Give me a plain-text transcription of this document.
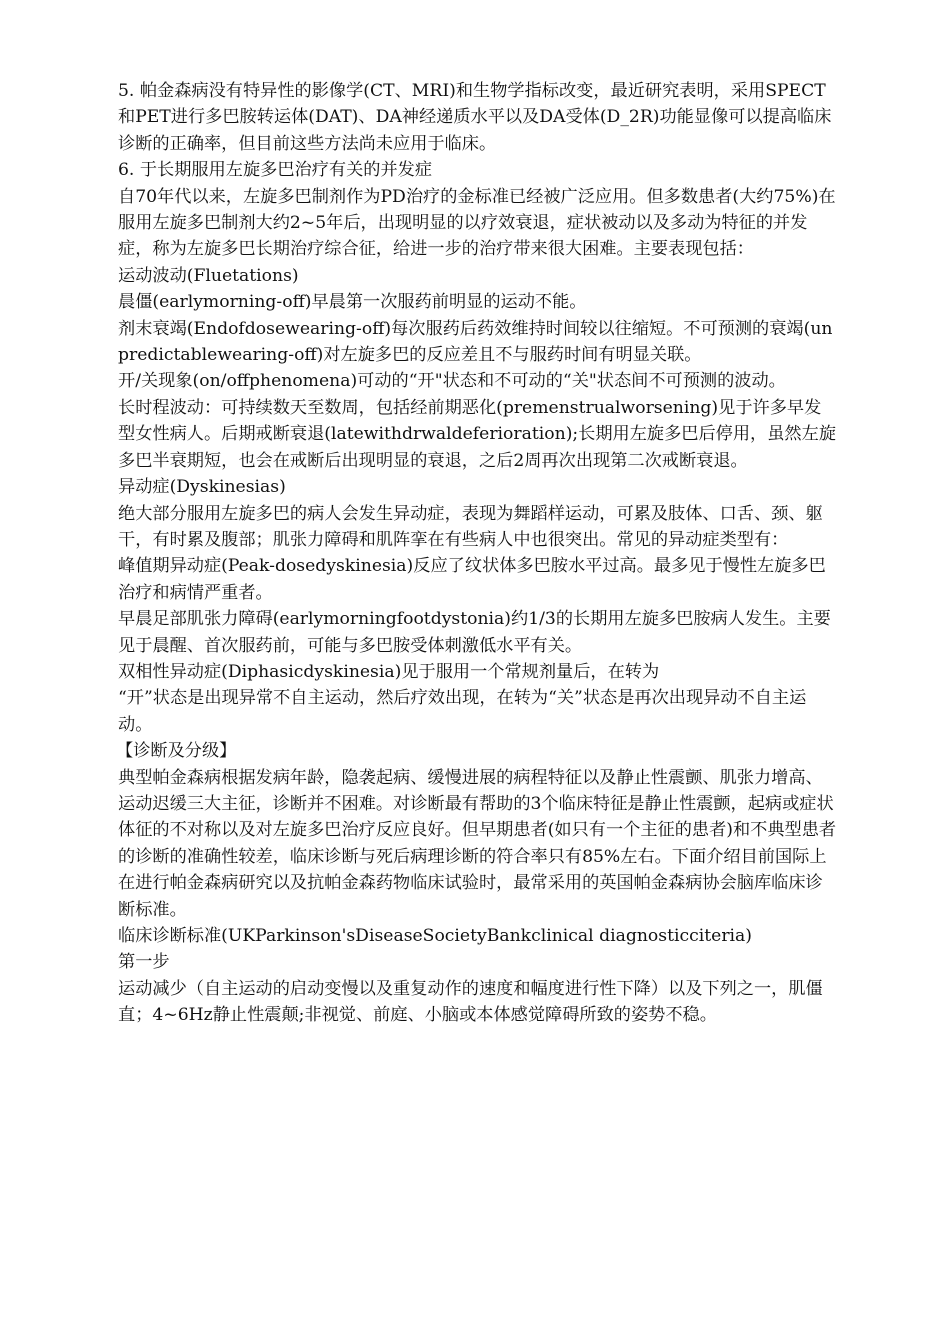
5. 帕金森病没有特异性的影像学(CT、MRI)和生物学指标改变，最近研究表明，采用SPECT和PET进行多巴胺转运体(DAT)、DA神经递质水平以及DA受体(D_2R)功能显像可以提高临床诊断的正确率，但目前这些方法尚未应用于临床。

6. 于长期服用左旋多巴治疗有关的并发症

自70年代以来，左旋多巴制剂作为PD治疗的金标准已经被广泛应用。但多数患者(大约75%)在服用左旋多巴制剂大约2~5年后，出现明显的以疗效衰退，症状被动以及多动为特征的并发症，称为左旋多巴长期治疗综合征，给进一步的治疗带来很大困难。主要表现包括：

运动波动(Fluetations)

晨僵(earlymorning-off)早晨第一次服药前明显的运动不能。

剂末衰竭(Endofdosewearing-off)每次服药后药效维持时间较以往缩短。不可预测的衰竭(unpredictablewearing-off)对左旋多巴的反应差且不与服药时间有明显关联。

开/关现象(on/offphenomena)可动的“开"状态和不可动的“关"状态间不可预测的波动。

长时程波动：可持续数天至数周，包括经前期恶化(premenstrualworsening)见于许多早发型女性病人。后期戒断衰退(latewithdrwaldeferioration);长期用左旋多巴后停用，虽然左旋多巴半衰期短，也会在戒断后出现明显的衰退，之后2周再次出现第二次戒断衰退。

异动症(Dyskinesias)

绝大部分服用左旋多巴的病人会发生异动症，表现为舞蹈样运动，可累及肢体、口舌、颈、躯干，有时累及腹部；肌张力障碍和肌阵挛在有些病人中也很突出。常见的异动症类型有：

峰值期异动症(Peak-dosedyskinesia)反应了纹状体多巴胺水平过高。最多见于慢性左旋多巴治疗和病情严重者。

早晨足部肌张力障碍(earlymorningfootdystonia)约1/3的长期用左旋多巴胺病人发生。主要见于晨醒、首次服药前，可能与多巴胺受体刺激低水平有关。

双相性异动症(Diphasicdyskinesia)见于服用一个常规剂量后，在转为

“开”状态是出现异常不自主运动，然后疗效出现，在转为“关”状态是再次出现异动不自主运动。

【诊断及分级】

典型帕金森病根据发病年龄，隐袭起病、缓慢进展的病程特征以及静止性震颤、肌张力增高、运动迟缓三大主征，诊断并不困难。对诊断最有帮助的3个临床特征是静止性震颤，起病或症状体征的不对称以及对左旋多巴治疗反应良好。但早期患者(如只有一个主征的患者)和不典型患者的诊断的准确性较差，临床诊断与死后病理诊断的符合率只有85%左右。下面介绍目前国际上在进行帕金森病研究以及抗帕金森药物临床试验时，最常采用的英国帕金森病协会脑库临床诊断标准。

临床诊断标准(UKParkinson'sDiseaseSocietyBankclinical diagnosticciteria)

第一步

运动减少（自主运动的启动变慢以及重复动作的速度和幅度进行性下降）以及下列之一，肌僵直；4~6Hz静止性震颠;非视觉、前庭、小脑或本体感觉障碍所致的姿势不稳。
